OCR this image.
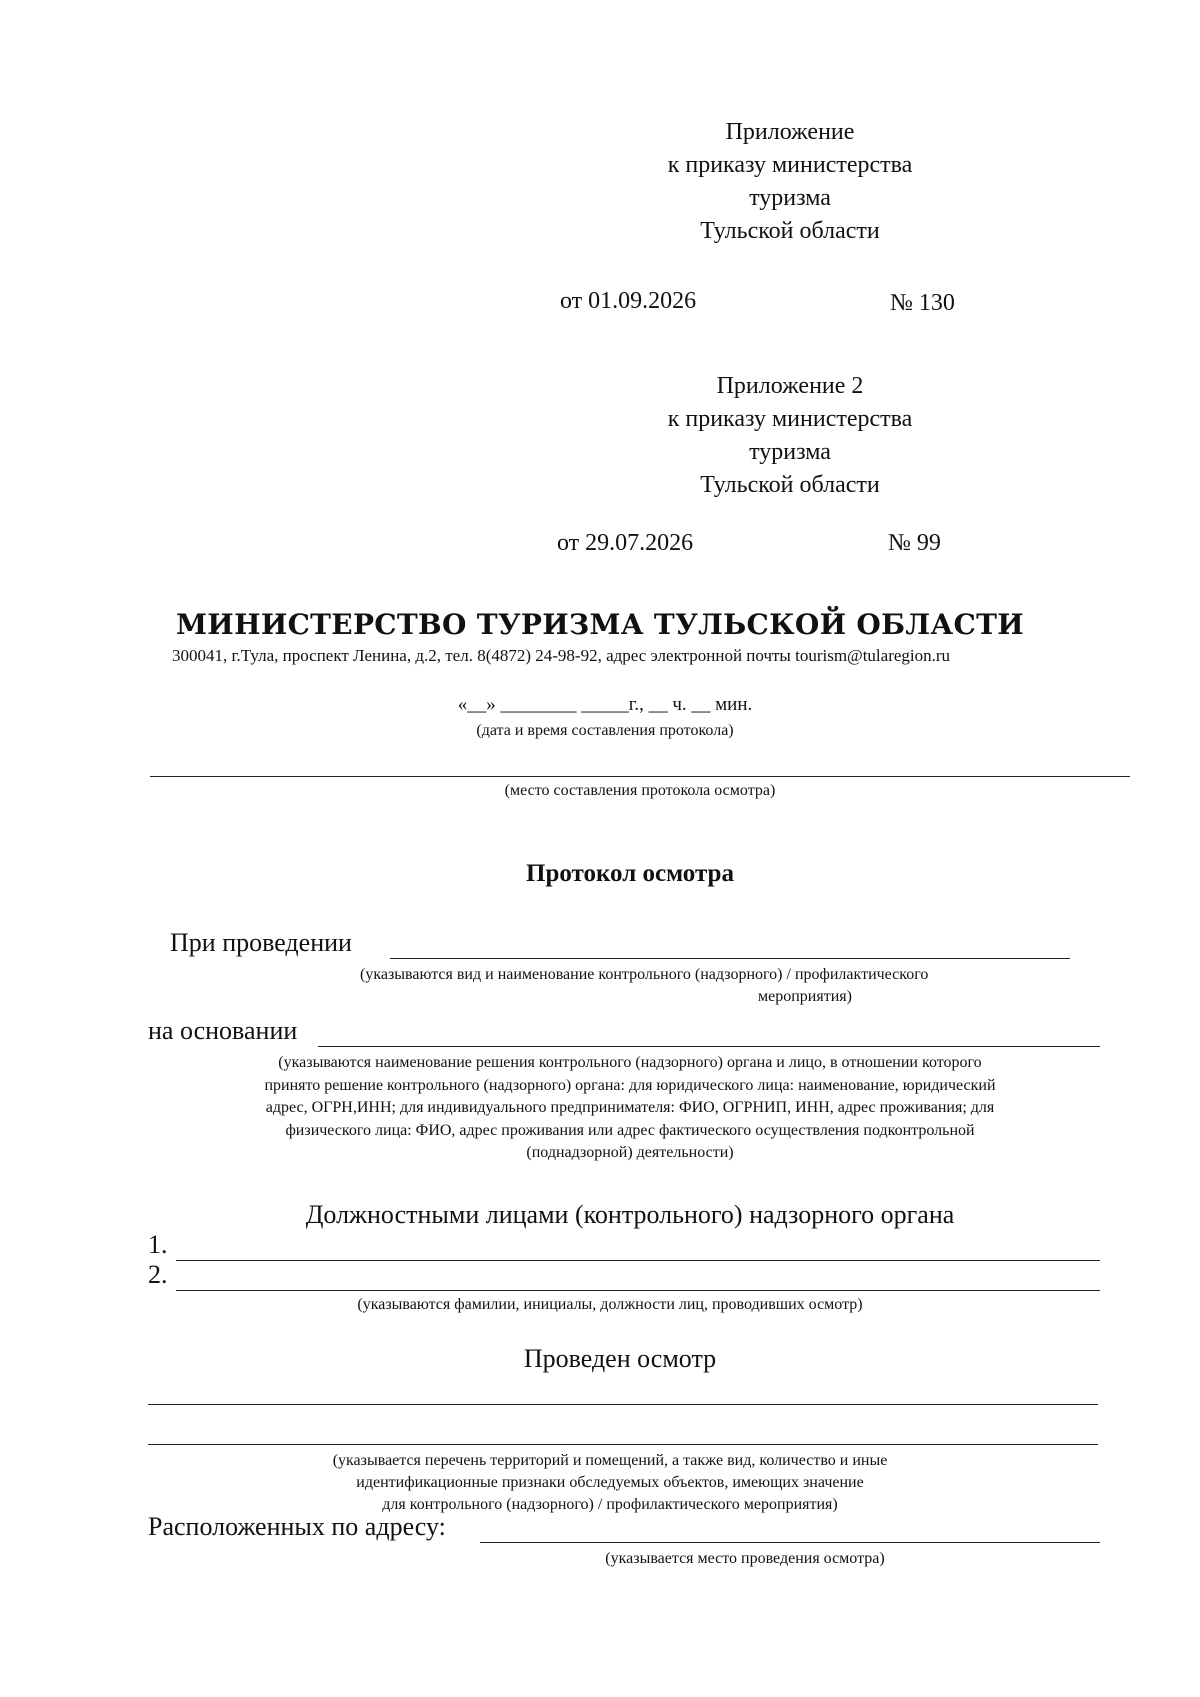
Приложение
к приказу министерства
туризма
Тульской области
от 01.09.2026	№ 130
Приложение 2
к приказу министерства
туризма
Тульской области
от 29.07.2026	№ 99
МИНИСТЕРСТВО ТУРИЗМА ТУЛЬСКОЙ ОБЛАСТИ
300041, г.Тула, проспект Ленина, д.2, тел. 8(4872) 24-98-92, адрес электронной почты tourism@tularegion.ru
«__» ________ _____г., __ ч. __ мин.
(дата и время составления протокола)
(место составления протокола осмотра)
Протокол осмотра
При проведении
(указываются вид и наименование контрольного (надзорного) / профилактического
мероприятия)
на основании
(указываются наименование решения контрольного (надзорного) органа и лицо, в отношении которого
принято решение контрольного (надзорного) органа: для юридического лица: наименование, юридический
адрес, ОГРН,ИНН; для индивидуального предпринимателя: ФИО, ОГРНИП, ИНН, адрес проживания; для
физического лица: ФИО, адрес проживания или адрес фактического осуществления подконтрольной
(поднадзорной) деятельности)
Должностными лицами (контрольного) надзорного органа
1.
2.
(указываются фамилии, инициалы, должности лиц, проводивших осмотр)
Проведен осмотр
(указывается перечень территорий и помещений, а также вид, количество и иные
идентификационные признаки обследуемых объектов, имеющих значение
для контрольного (надзорного) / профилактического мероприятия)
Расположенных по адресу:
(указывается место проведения осмотра)
